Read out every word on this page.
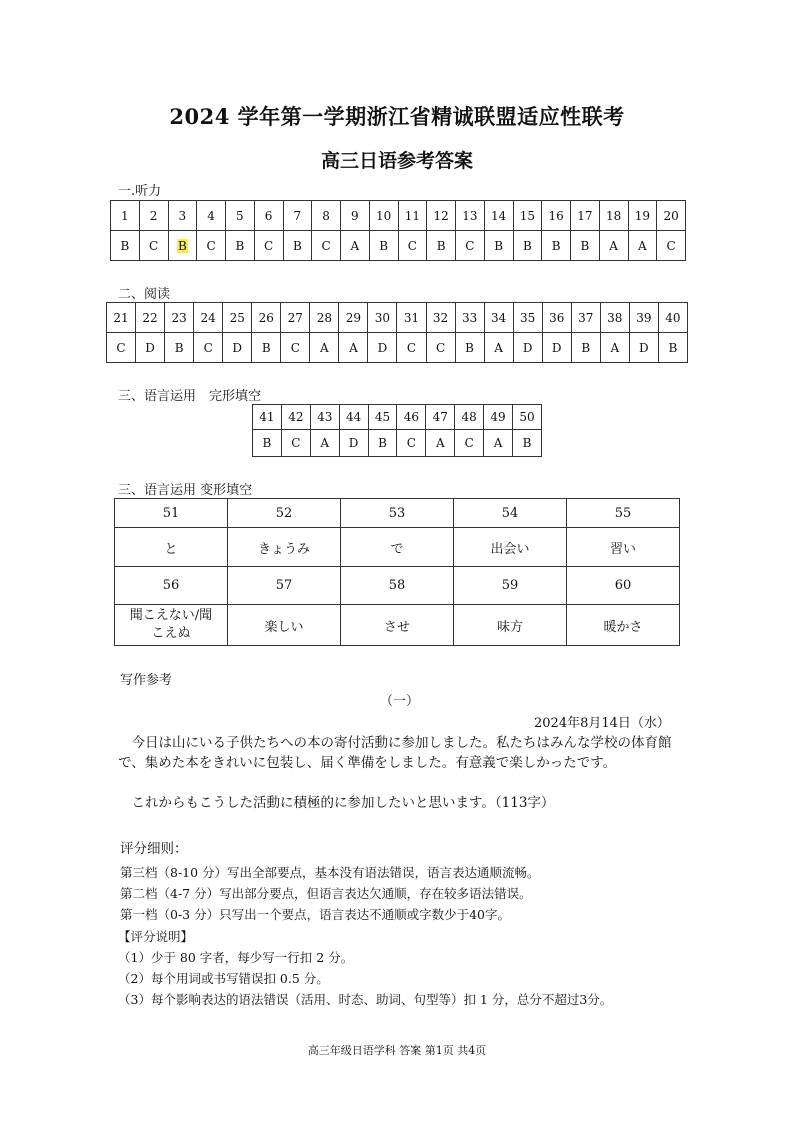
2024 学年第一学期浙江省精诚联盟适应性联考
高三日语参考答案
一.听力
1	2	3	4	5	6	7	8	9	10	11	12	13	14	15	16	17	18	19	20
B	C	B	C	B	C	B	C	A	B	C	B	C	B	B	B	B	A	A	C
二、阅读
21	22	23	24	25	26	27	28	29	30	31	32	33	34	35	36	37	38	39	40
C	D	B	C	D	B	C	A	A	D	C	C	B	A	D	D	B	A	D	B
三、语言运用　完形填空
41	42	43	44	45	46	47	48	49	50
B	C	A	D	B	C	A	C	A	B
三、语言运用 变形填空
51	52	53	54	55
と	きょうみ	で	出会い	習い
56	57	58	59	60
聞こえない/聞こえぬ	楽しい	させ	味方	暖かさ
写作参考
（一）
2024年8月14日（水）
今日は山にいる子供たちへの本の寄付活動に参加しました。私たちはみんな学校の体育館で、集めた本をきれいに包装し、届く準備をしました。有意義で楽しかったです。
これからもこうした活動に積極的に参加したいと思います。（113字）
评分细则：
第三档（8-10 分）写出全部要点，基本没有语法错误，语言表达通顺流畅。
第二档（4-7 分）写出部分要点，但语言表达欠通顺，存在较多语法错误。
第一档（0-3 分）只写出一个要点，语言表达不通顺或字数少于40字。
【评分说明】
（1）少于 80 字者，每少写一行扣 2 分。
（2）每个用词或书写错误扣 0.5 分。
（3）每个影响表达的语法错误（活用、时态、助词、句型等）扣 1 分，总分不超过3分。
高三年级日语学科 答案 第1页 共4页
